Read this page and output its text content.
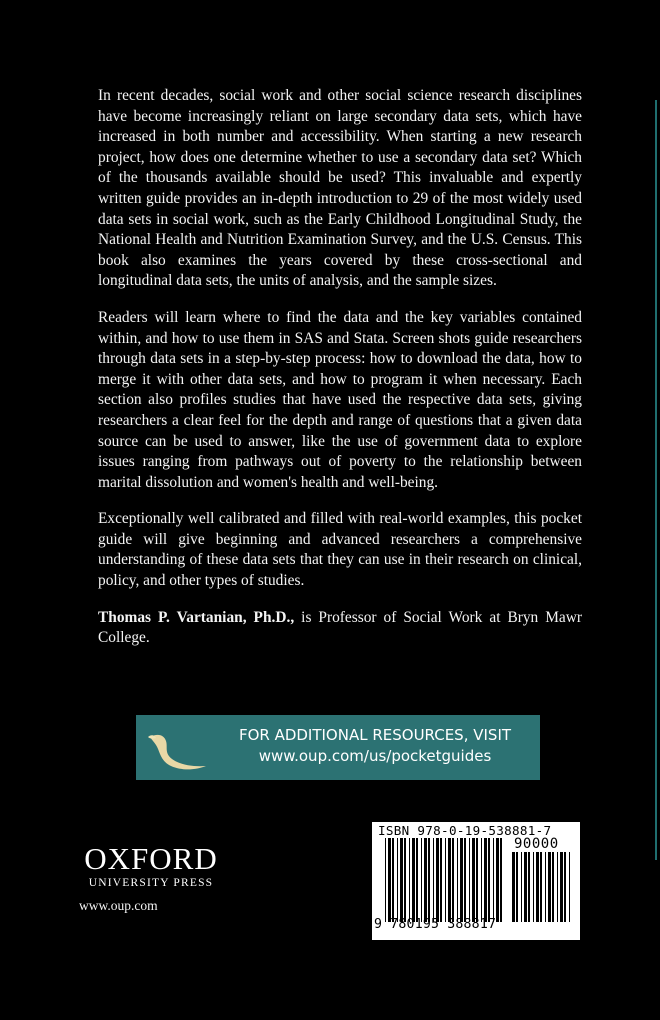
In recent decades, social work and other social science research disciplines have become increasingly reliant on large secondary data sets, which have increased in both number and accessibility. When starting a new research project, how does one determine whether to use a secondary data set? Which of the thousands available should be used? This invaluable and expertly written guide provides an in-depth introduction to 29 of the most widely used data sets in social work, such as the Early Childhood Longitudinal Study, the National Health and Nutrition Examination Survey, and the U.S. Census. This book also examines the years covered by these cross-sectional and longitudinal data sets, the units of analysis, and the sample sizes.

Readers will learn where to find the data and the key variables contained within, and how to use them in SAS and Stata. Screen shots guide researchers through data sets in a step-by-step process: how to download the data, how to merge it with other data sets, and how to program it when necessary. Each section also profiles studies that have used the respective data sets, giving researchers a clear feel for the depth and range of questions that a given data source can be used to answer, like the use of government data to explore issues ranging from pathways out of poverty to the relationship between marital dissolution and women's health and well-being.

Exceptionally well calibrated and filled with real-world examples, this pocket guide will give beginning and advanced researchers a comprehensive understanding of these data sets that they can use in their research on clinical, policy, and other types of studies.

Thomas P. Vartanian, Ph.D., is Professor of Social Work at Bryn Mawr College.

FOR ADDITIONAL RESOURCES, VISIT
www.oup.com/us/pocketguides
OXFORD
UNIVERSITY PRESS
www.oup.com
ISBN 978-0-19-538881-7
90000
9 780195 388817
